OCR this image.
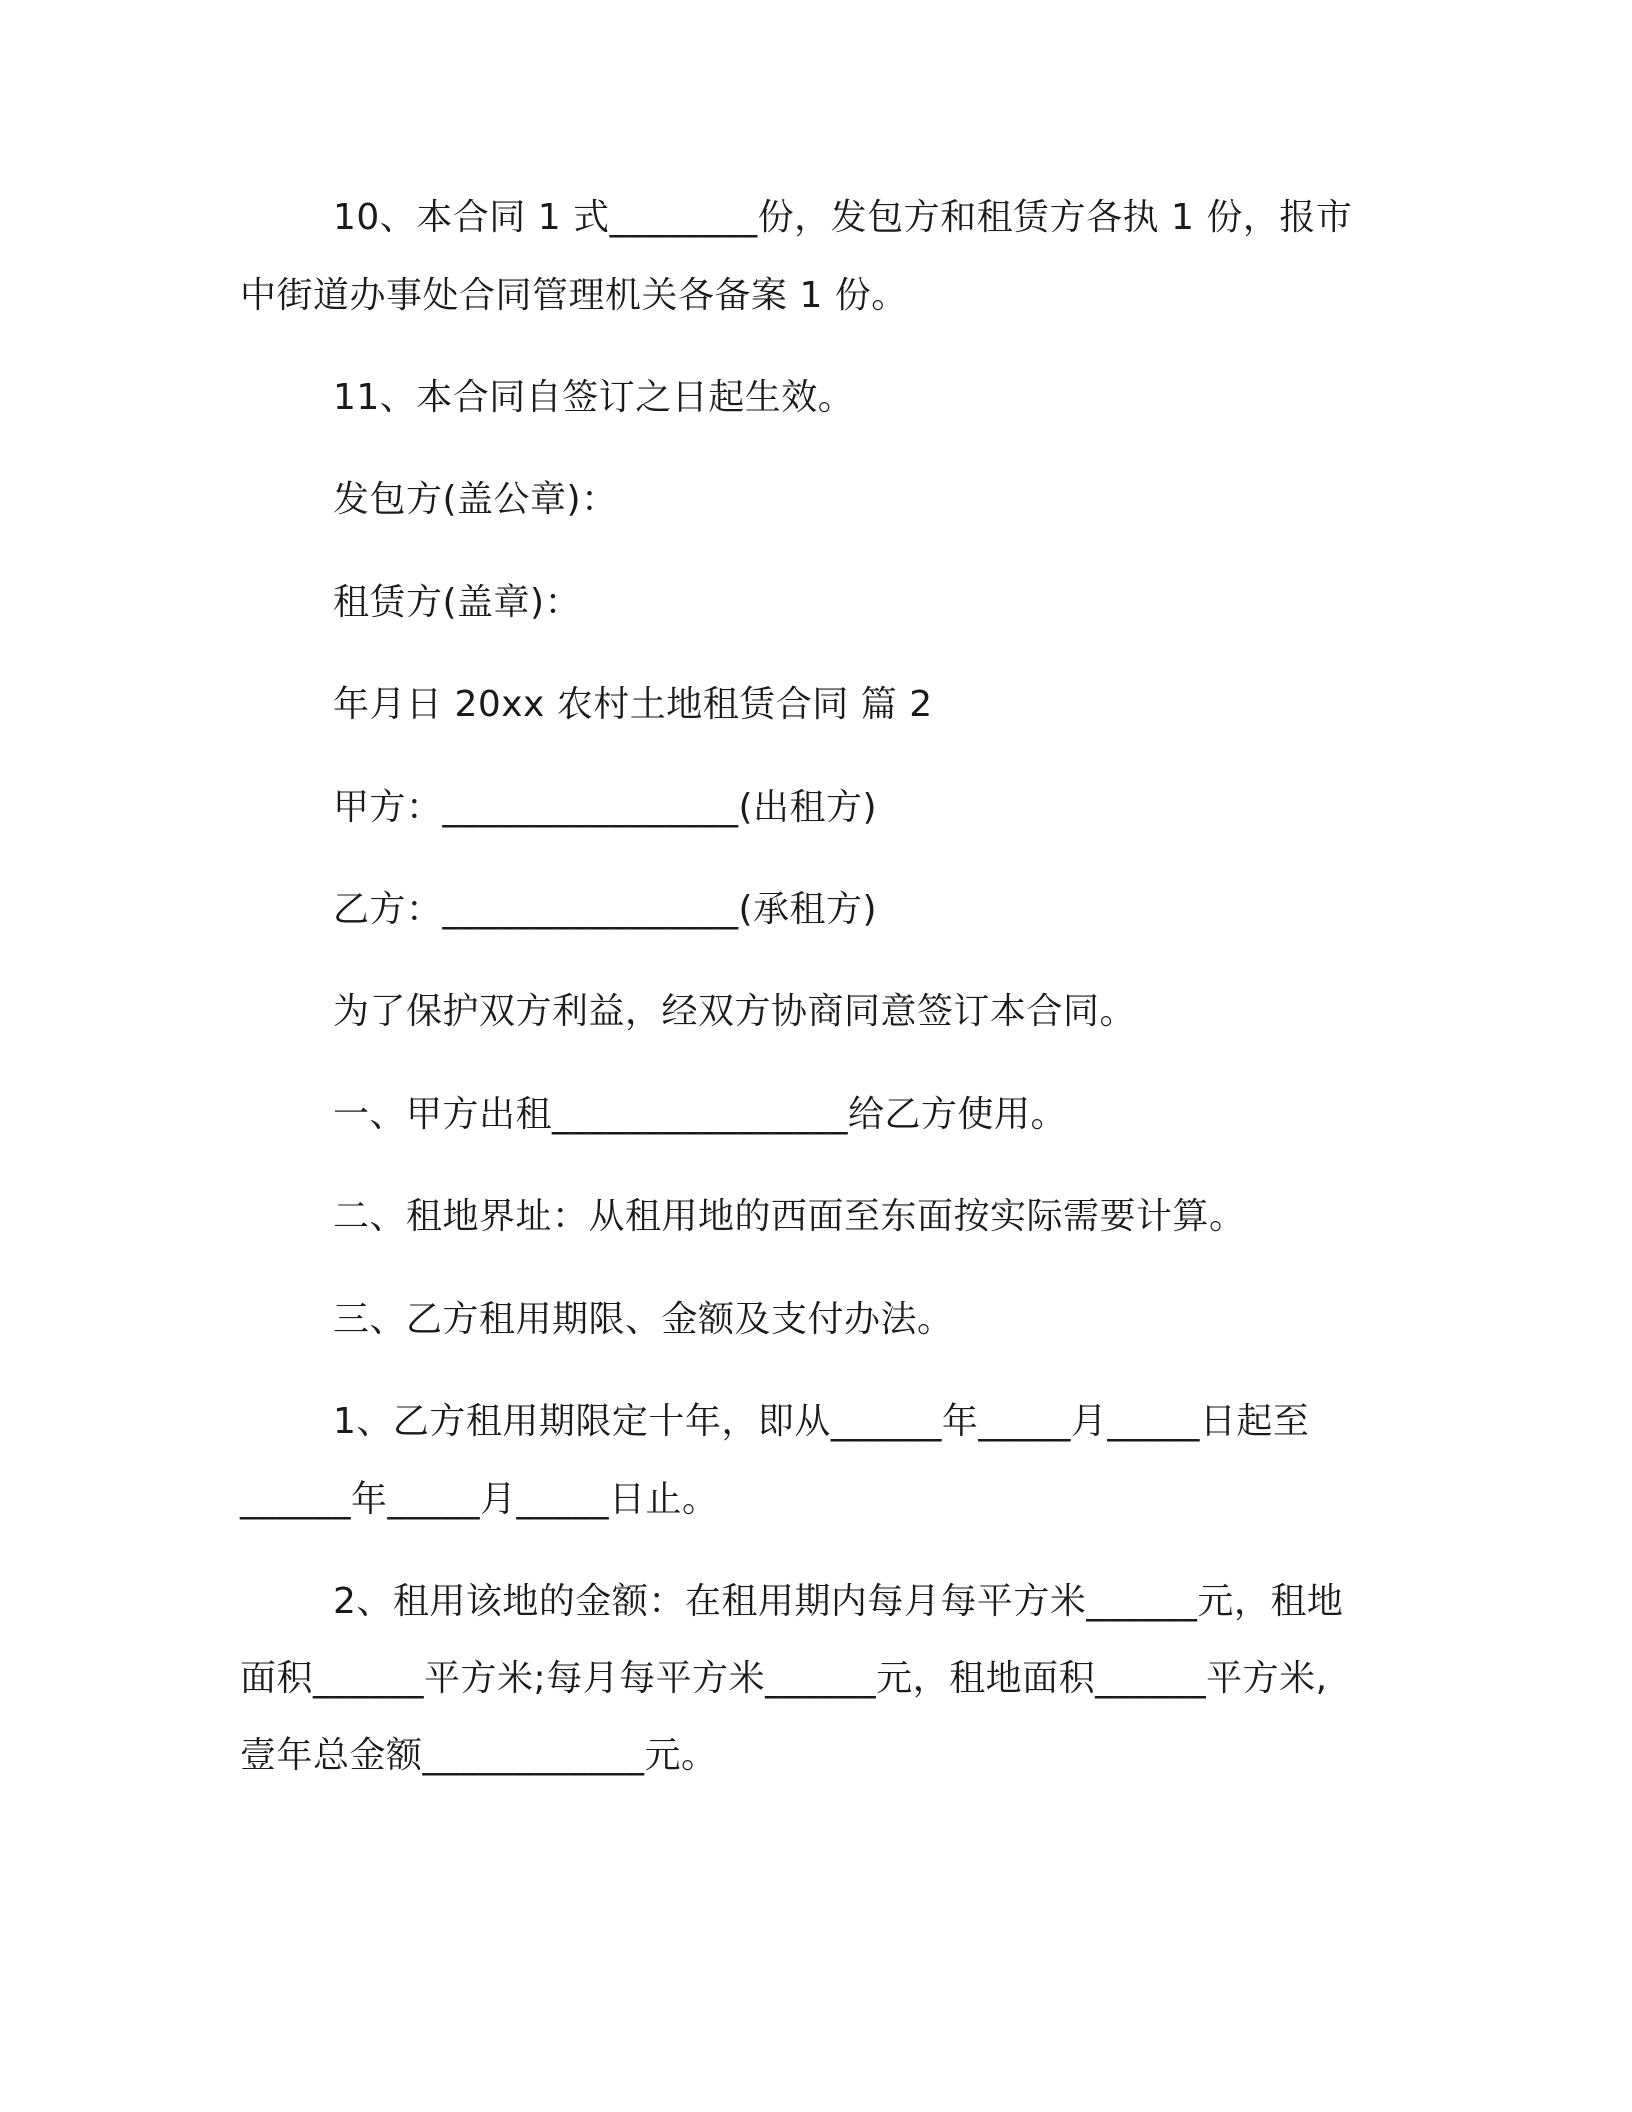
10、本合同 1 式________份，发包方和租赁方各执 1 份，报市
中街道办事处合同管理机关各备案 1 份。
11、本合同自签订之日起生效。
发包方(盖公章)：
租赁方(盖章)：
年月日 20xx 农村土地租赁合同 篇 2
甲方：________________(出租方)
乙方：________________(承租方)
为了保护双方利益，经双方协商同意签订本合同。
一、甲方出租________________给乙方使用。
二、租地界址：从租用地的西面至东面按实际需要计算。
三、乙方租用期限、金额及支付办法。
1、乙方租用期限定十年，即从______年_____月_____日起至
______年_____月_____日止。
2、租用该地的金额：在租用期内每月每平方米______元，租地
面积______平方米;每月每平方米______元，租地面积______平方米,
壹年总金额____________元。
